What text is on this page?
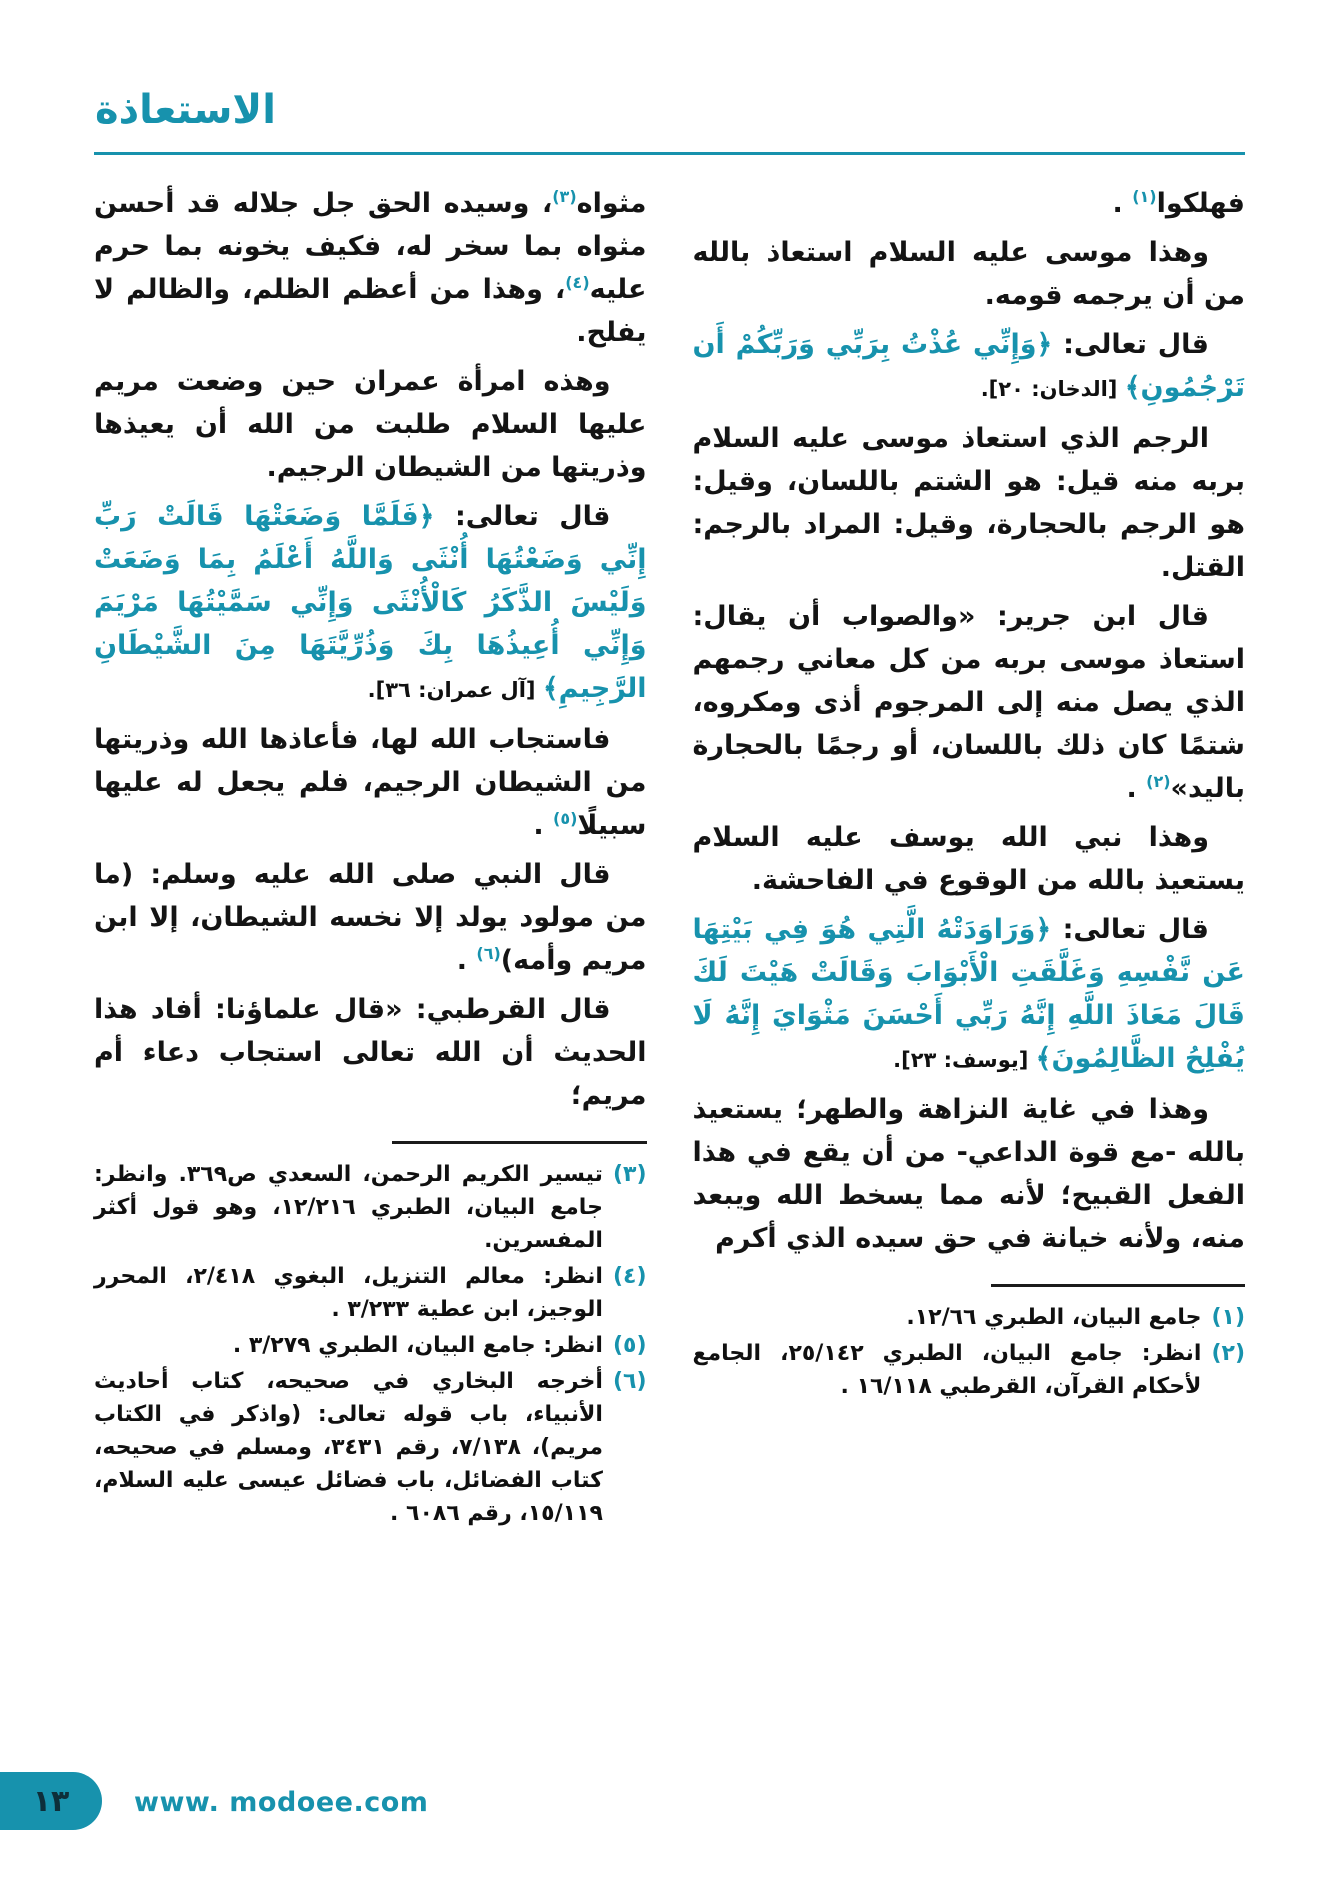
الاستعاذة

فهلكوا$^{(١)}$ .

وهذا موسى عليه السلام استعاذ بالله من أن يرجمه قومه.

قال تعالى: ﴿وَإِنِّي عُذْتُ بِرَبِّي وَرَبِّكُمْ أَن تَرْجُمُونِ﴾ [الدخان: ٢٠].

الرجم الذي استعاذ موسى عليه السلام بربه منه قيل: هو الشتم باللسان، وقيل: هو الرجم بالحجارة، وقيل: المراد بالرجم: القتل.

قال ابن جرير: «والصواب أن يقال: استعاذ موسى بربه من كل معاني رجمهم الذي يصل منه إلى المرجوم أذى ومكروه، شتمًا كان ذلك باللسان، أو رجمًا بالحجارة باليد»$^{(٢)}$ .

وهذا نبي الله يوسف عليه السلام يستعيذ بالله من الوقوع في الفاحشة.

قال تعالى: ﴿وَرَاوَدَتْهُ الَّتِي هُوَ فِي بَيْتِهَا عَن نَّفْسِهِ وَغَلَّقَتِ الْأَبْوَابَ وَقَالَتْ هَيْتَ لَكَ قَالَ مَعَاذَ اللَّهِ إِنَّهُ رَبِّي أَحْسَنَ مَثْوَايَ إِنَّهُ لَا يُفْلِحُ الظَّالِمُونَ﴾ [يوسف: ٢٣].

وهذا في غاية النزاهة والطهر؛ يستعيذ بالله -مع قوة الداعي- من أن يقع في هذا الفعل القبيح؛ لأنه مما يسخط الله ويبعد منه، ولأنه خيانة في حق سيده الذي أكرم

(١)
جامع البيان، الطبري ١٢/٦٦.
(٢)
انظر: جامع البيان، الطبري ٢٥/١٤٢، الجامع لأحكام القرآن، القرطبي ١٦/١١٨ .

مثواه$^{(٣)}$، وسيده الحق جل جلاله قد أحسن مثواه بما سخر له، فكيف يخونه بما حرم عليه$^{(٤)}$، وهذا من أعظم الظلم، والظالم لا يفلح.

وهذه امرأة عمران حين وضعت مريم عليها السلام طلبت من الله أن يعيذها وذريتها من الشيطان الرجيم.

قال تعالى: ﴿فَلَمَّا وَضَعَتْهَا قَالَتْ رَبِّ إِنِّي وَضَعْتُهَا أُنْثَى وَاللَّهُ أَعْلَمُ بِمَا وَضَعَتْ وَلَيْسَ الذَّكَرُ كَالْأُنْثَى وَإِنِّي سَمَّيْتُهَا مَرْيَمَ وَإِنِّي أُعِيذُهَا بِكَ وَذُرِّيَّتَهَا مِنَ الشَّيْطَانِ الرَّجِيمِ﴾ [آل عمران: ٣٦].

فاستجاب الله لها، فأعاذها الله وذريتها من الشيطان الرجيم، فلم يجعل له عليها سبيلًا$^{(٥)}$ .

قال النبي صلى الله عليه وسلم: (ما من مولود يولد إلا نخسه الشيطان، إلا ابن مريم وأمه)$^{(٦)}$ .

قال القرطبي: «قال علماؤنا: أفاد هذا الحديث أن الله تعالى استجاب دعاء أم مريم؛

(٣)
تيسير الكريم الرحمن، السعدي ص٣٦٩. وانظر: جامع البيان، الطبري ١٢/٢١٦، وهو قول أكثر المفسرين.
(٤)
انظر: معالم التنزيل، البغوي ٢/٤١٨، المحرر الوجيز، ابن عطية ٣/٢٣٣ .
(٥)
انظر: جامع البيان، الطبري ٣/٢٧٩ .
(٦)
أخرجه البخاري في صحيحه، كتاب أحاديث الأنبياء، باب قوله تعالى: (واذكر في الكتاب مريم)، ٧/١٣٨، رقم ٣٤٣١، ومسلم في صحيحه، كتاب الفضائل، باب فضائل عيسى عليه السلام، ١٥/١١٩، رقم ٦٠٨٦ .
١٣ www. modoee.com
